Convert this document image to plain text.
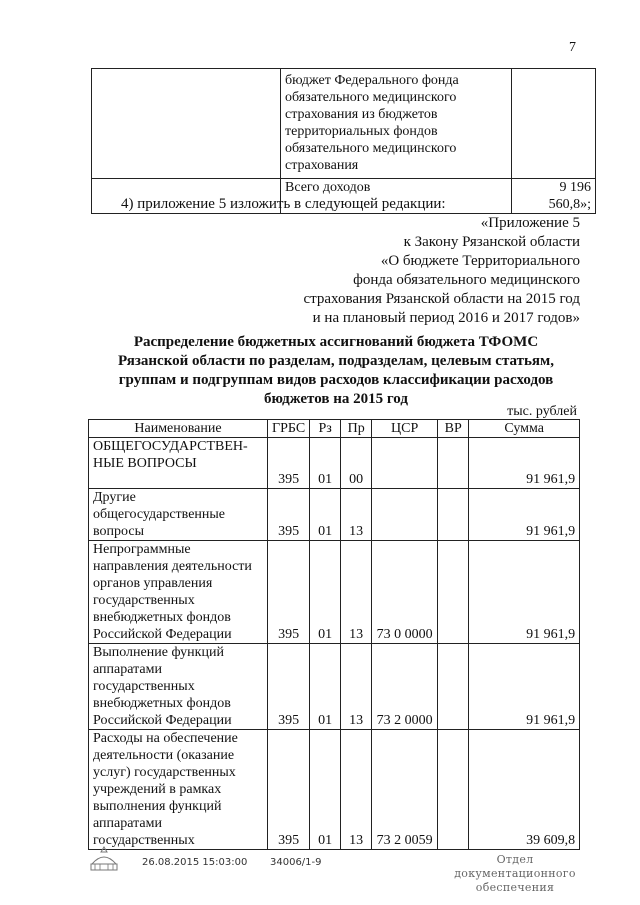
7
	бюджет Федерального фонда обязательного медицинского страхования из бюджетов территориальных фондов обязательного медицинского страхования	
	Всего доходов	9 196 560,8»;
4) приложение 5 изложить в следующей редакции:
«Приложение 5
к Закону Рязанской области
«О бюджете Территориального
фонда обязательного медицинского
страхования Рязанской области на 2015 год
и на плановый период 2016 и 2017 годов»
Распределение бюджетных ассигнований бюджета ТФОМС
Рязанской области по разделам, подразделам, целевым статьям,
группам и подгруппам видов расходов классификации расходов
бюджетов на 2015 год
тыс. рублей
Наименование	ГРБС	Рз	Пр	ЦСР	ВР	Сумма
ОБЩЕГОСУДАРСТВЕН-НЫЕ ВОПРОСЫ	395	01	00			91 961,9
Другие общегосударственные вопросы	395	01	13			91 961,9
Непрограммные направления деятельности органов управления государственных внебюджетных фондов Российской Федерации	395	01	13	73 0 0000		91 961,9
Выполнение функций аппаратами государственных внебюджетных фондов Российской Федерации	395	01	13	73 2 0000		91 961,9
Расходы на обеспечение деятельности (оказание услуг) государственных учреждений в рамках выполнения функций аппаратами государственных	395	01	13	73 2 0059		39 609,8
26.08.2015 15:03:00 34006/1-9	Отдел документационного обеспечения
